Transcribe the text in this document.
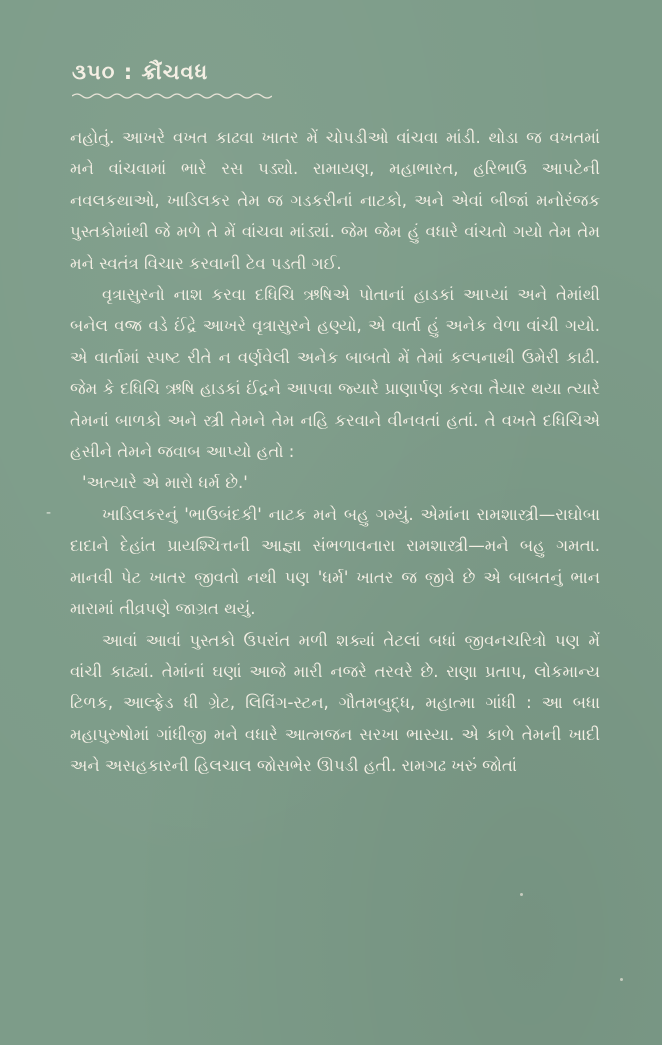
૩૫૦ : ક્રૌંચવધ

નહોતું. આખરે વખત કાઢવા ખાતર મેં ચોપડીઓ વાંચવા માંડી. થોડા જ વખતમાં મને વાંચવામાં ભારે રસ પડ્યો. રામાયણ, મહાભારત, હરિભાઉ આપટેની નવલકથાઓ, ખાડિલકર તેમ જ ગડકરીનાં નાટકો, અને એવાં બીજાં મનોરંજક પુસ્તકોમાંથી જે મળે તે મેં વાંચવા માંડ્યાં. જેમ જેમ હું વધારે વાંચતો ગયો તેમ તેમ મને સ્વતંત્ર વિચાર કરવાની ટેવ પડતી ગઈ.

વૃત્રાસુરનો નાશ કરવા દધિચિ ઋષિએ પોતાનાં હાડકાં આપ્યાં અને તેમાંથી બનેલ વજ્ર વડે ઈંદ્રે આખરે વૃત્રાસુરને હણ્યો, એ વાર્તા હું અનેક વેળા વાંચી ગયો. એ વાર્તામાં સ્પષ્ટ રીતે ન વર્ણવેલી અનેક બાબતો મેં તેમાં કલ્પનાથી ઉમેરી કાઢી. જેમ કે દધિચિ ઋષિ હાડકાં ઈંદ્રને આપવા જ્યારે પ્રાણાર્પણ કરવા તૈયાર થયા ત્યારે તેમનાં બાળકો અને સ્ત્રી તેમને તેમ નહિ કરવાને વીનવતાં હતાં. તે વખતે દધિચિએ હસીને તેમને જવાબ આપ્યો હતો :

'અત્યારે એ મારો ધર્મ છે.'

ખાડિલકરનું 'ભાઉબંદકી' નાટક મને બહુ ગમ્યું. એમાંના રામશાસ્ત્રી—રાઘોબા દાદાને દેહાંત પ્રાયશ્ચિત્તની આજ્ઞા સંભળાવનારા રામશાસ્ત્રી—મને બહુ ગમતા. માનવી પેટ ખાતર જીવતો નથી પણ 'ધર્મ' ખાતર જ જીવે છે એ બાબતનું ભાન મારામાં તીવ્રપણે જાગ્રત થયું.

આવાં આવાં પુસ્તકો ઉપરાંત મળી શક્યાં તેટલાં બધાં જીવનચરિત્રો પણ મેં વાંચી કાઢ્યાં. તેમાંનાં ઘણાં આજે મારી નજરે તરવરે છે. રાણા પ્રતાપ, લોકમાન્ય ટિળક, આલ્ફ્રેડ ધી ગ્રેટ, લિવિંગ-સ્ટન, ગૌતમબુદ્ધ, મહાત્મા ગાંધી : આ બધા મહાપુરુષોમાં ગાંધીજી મને વધારે આત્મજન સરખા ભાસ્યા. એ કાળે તેમની ખાદી અને અસહકારની હિલચાલ જોસભેર ઊપડી હતી. રામગઢ ખરું જોતાં

-
